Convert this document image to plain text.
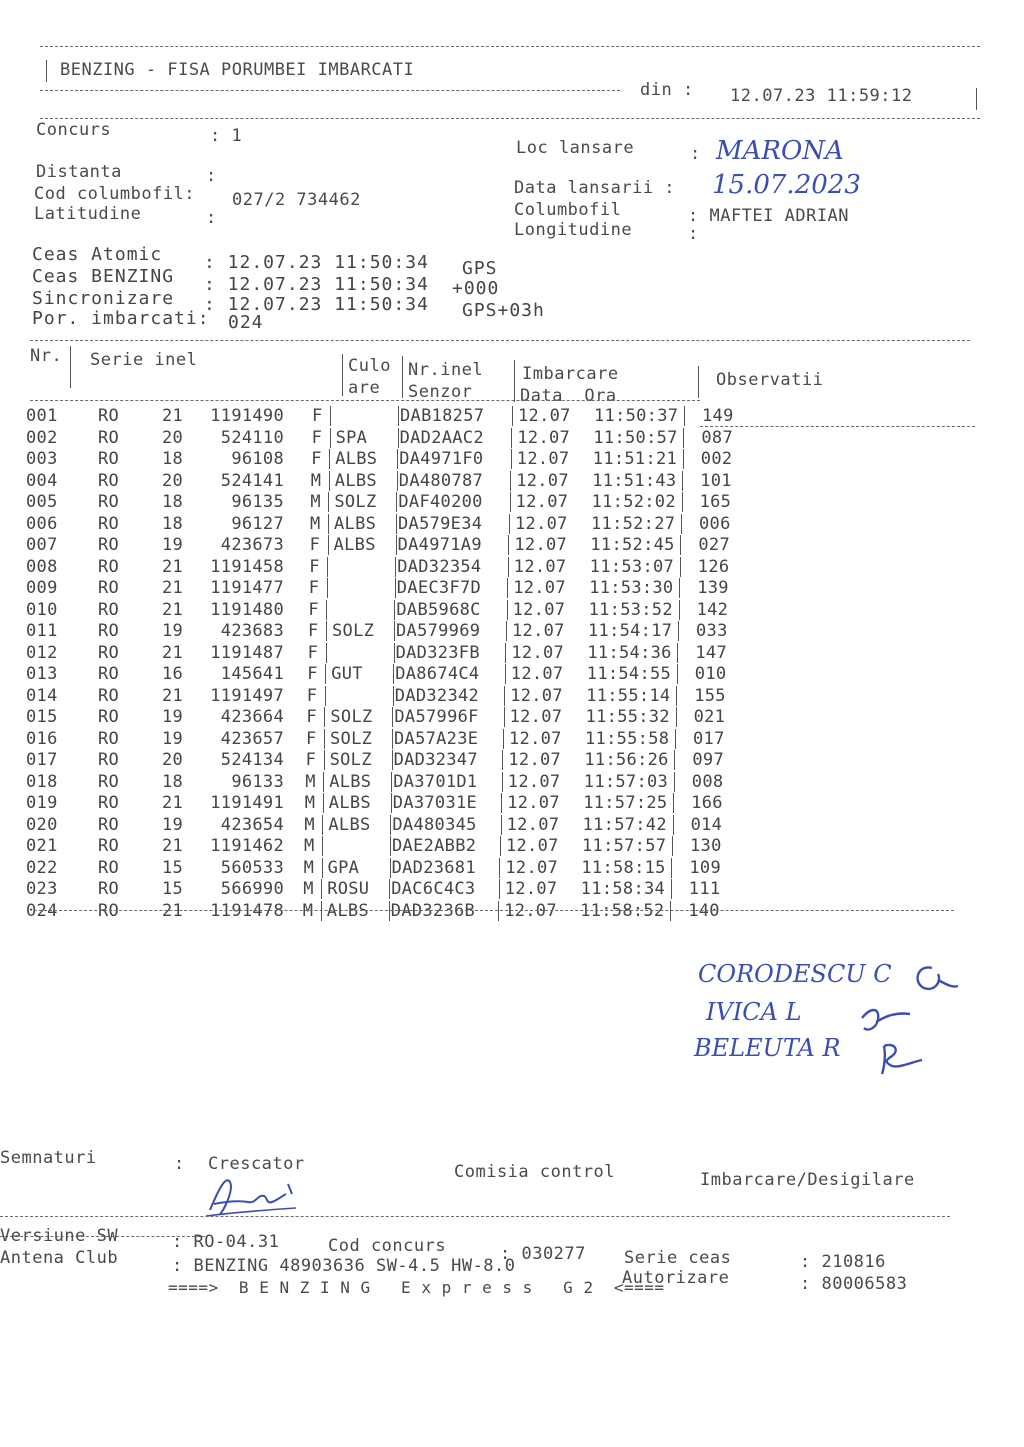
BENZING - FISA PORUMBEI IMBARCATI
din : 12.07.23 11:59:12
Concurs	: 1
Loc lansare	: MARONA
Distanta	:
Cod columbofil: 027/2 734462
Latitudine	:
Data lansarii : 15.07.2023
Columbofil	: MAFTEI ADRIAN
Longitudine	:
Ceas Atomic : 12.07.23 11:50:34 GPS
Ceas BENZING : 12.07.23 11:50:34 +000
Sincronizare : 12.07.23 11:50:34 GPS+03h
Por. imbarcati: 024
Nr. Serie inel	Culo
are
Nr.inel
Senzor
Imbarcare
Data  Ora
Observatii
001 RO	21 1191490 F	DAB18257 12.07 11:50:37 149
002 RO	20 524110 F SPA DAD2AAC2 12.07 11:50:57 087
003 RO	18	96108 F ALBS DA4971F0 12.07 11:51:21 002
004 RO	20 524141 M ALBS DA480787 12.07 11:51:43 101
005 RO	18	96135 M SOLZ DAF40200 12.07 11:52:02 165
006 RO	18	96127 M ALBS DA579E34 12.07 11:52:27 006
007 RO	19 423673 F ALBS DA4971A9 12.07 11:52:45 027
008 RO	21 1191458 F	DAD32354 12.07 11:53:07 126
009 RO	21 1191477 F	DAEC3F7D 12.07 11:53:30 139
010 RO	21 1191480 F	DAB5968C 12.07 11:53:52 142
011 RO	19 423683 F SOLZ DA579969 12.07 11:54:17 033
012 RO	21 1191487 F	DAD323FB 12.07 11:54:36 147
013 RO	16 145641 F GUT DA8674C4 12.07 11:54:55 010
014 RO	21 1191497 F	DAD32342 12.07 11:55:14 155
015 RO	19 423664 F SOLZ DA57996F 12.07 11:55:32 021
016 RO	19 423657 F SOLZ DA57A23E 12.07 11:55:58 017
017 RO	20 524134 F SOLZ DAD32347 12.07 11:56:26 097
018 RO	18	96133 M ALBS DA3701D1 12.07 11:57:03 008
019 RO	21 1191491 M ALBS DA37031E 12.07 11:57:25 166
020 RO	19 423654 M ALBS DA480345 12.07 11:57:42 014
021 RO	21 1191462 M	DAE2ABB2 12.07 11:57:57 130
022 RO	15 560533 M GPA DAD23681 12.07 11:58:15 109
023 RO	15 566990 M ROSU DAC6C4C3 12.07 11:58:34 111
024 RO	21 1191478 M ALBS DAD3236B 12.07 11:58:52 140
CORODESCU C
IVICA L
BELEUTA R
Semnaturi	: Crescator	Comisia control	Imbarcare/Desigilare
Versiune SW	: RO-04.31
Antena Club	: BENZING 48903636 SW-4.5 HW-8.0
Cod concurs	: 030277 Serie ceas	: 210816
Autorizare	: 80006583
====>  B E N Z I N G   E x p r e s s   G 2  <====
